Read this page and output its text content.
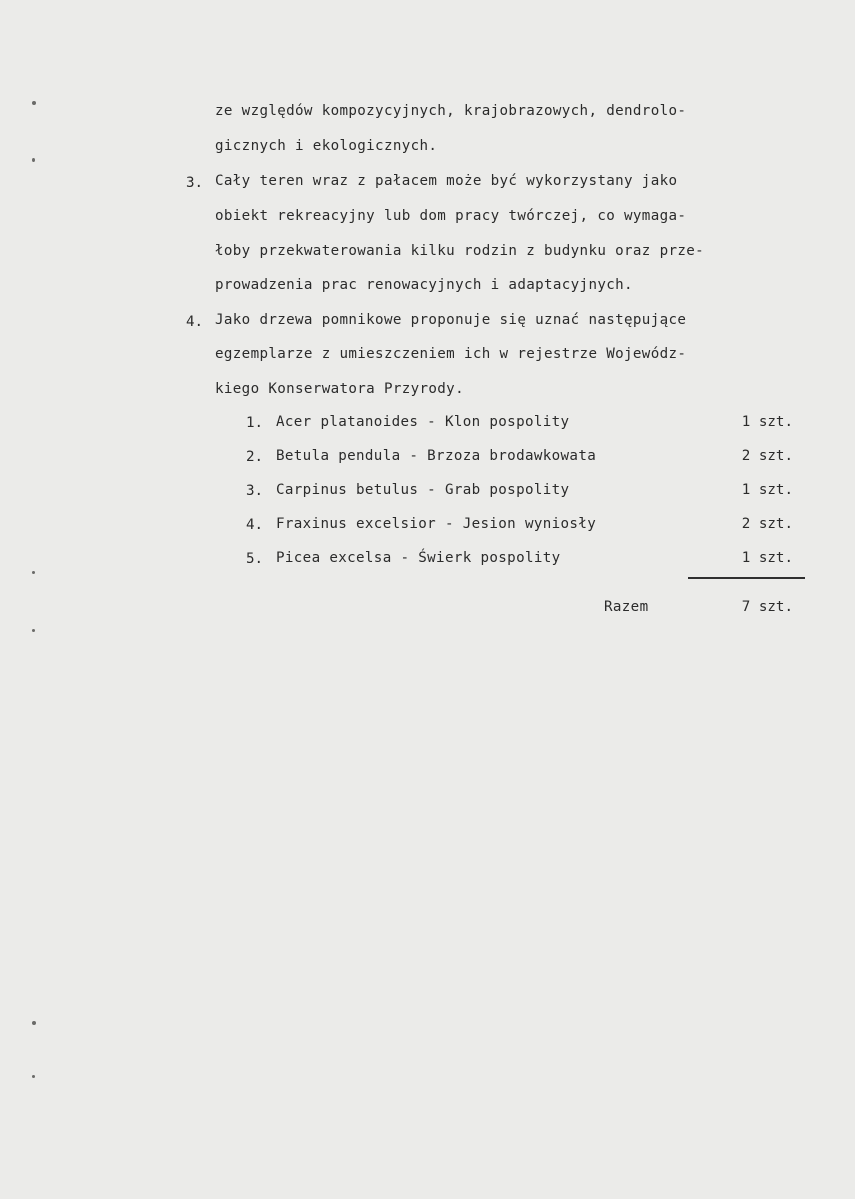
ze względów kompozycyjnych, krajobrazowych, dendrolo-
gicznych i ekologicznych.
3. Cały teren wraz z pałacem może być wykorzystany jako
obiekt rekreacyjny lub dom pracy twórczej, co wymaga-
łoby przekwaterowania kilku rodzin z budynku oraz prze-
prowadzenia prac renowacyjnych i adaptacyjnych.
4. Jako drzewa pomnikowe proponuje się uznać następujące
egzemplarze z umieszczeniem ich w rejestrze Wojewódz-
kiego Konserwatora Przyrody.
1. Acer platanoides - Klon pospolity	1 szt.
2. Betula pendula - Brzoza brodawkowata	2 szt.
3. Carpinus betulus - Grab pospolity	1 szt.
4. Fraxinus excelsior - Jesion wyniosły	2 szt.
5. Picea excelsa - Świerk pospolity	1 szt.
Razem	7 szt.
